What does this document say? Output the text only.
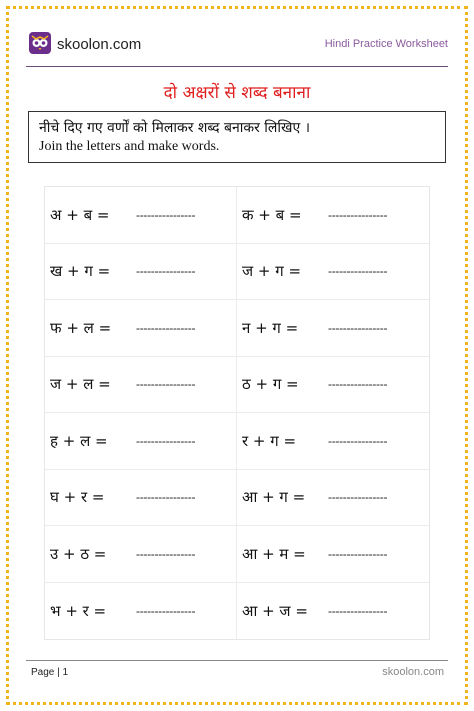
skoolon.com	Hindi Practice Worksheet
दो अक्षरों से शब्द बनाना
नीचे दिए गए वर्णों को मिलाकर शब्द बनाकर लिखिए ।
Join the letters and make words.
अ + ब =	----------------	क + ब =	----------------
ख + ग =	----------------	ज + ग =	----------------
फ + ल =	----------------	न + ग =	----------------
ज + ल =	----------------	ठ + ग =	----------------
ह + ल =	----------------	र + ग =	----------------
घ + र =	----------------	आ + ग =	----------------
उ + ठ =	----------------	आ + म =	----------------
भ + र =	----------------	आ + ज =	----------------
Page | 1	skoolon.com
